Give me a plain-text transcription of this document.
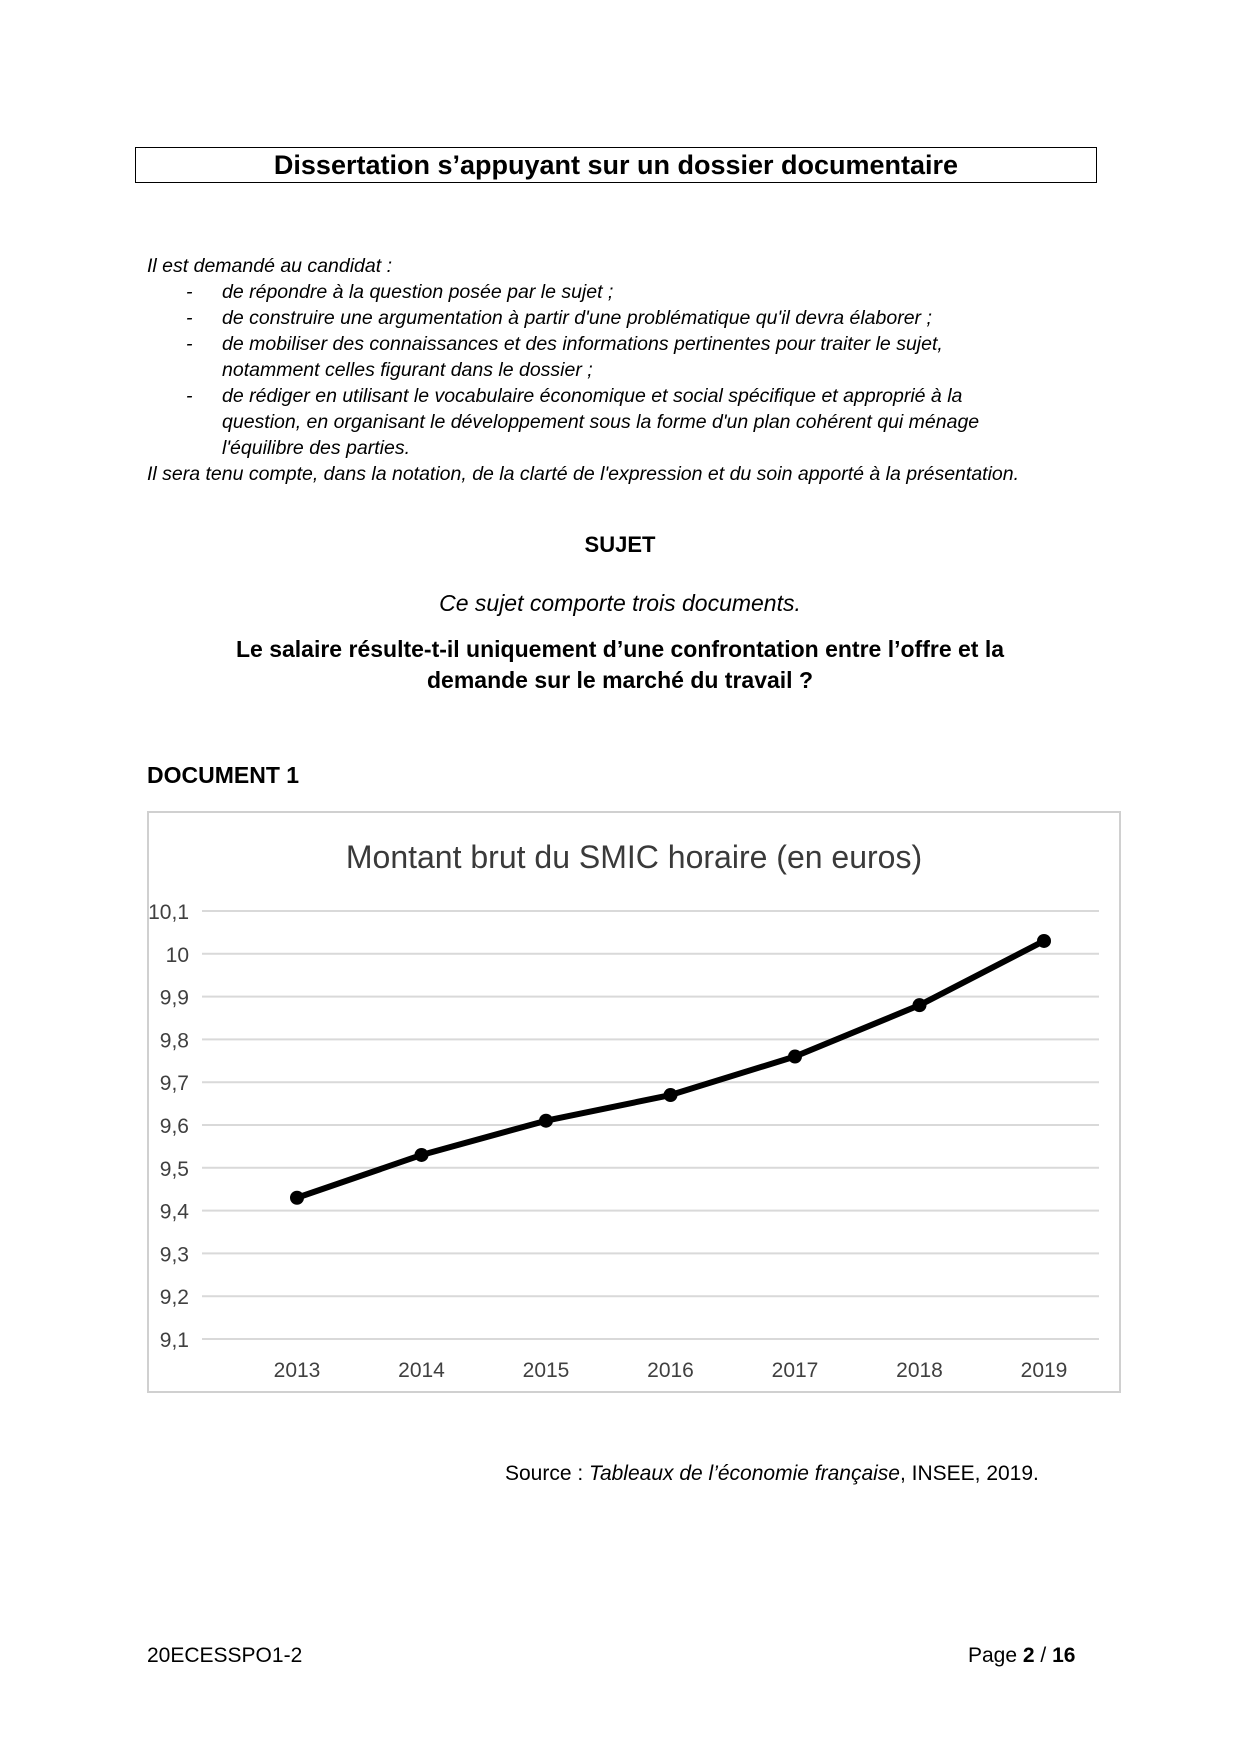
Dissertation s’appuyant sur un dossier documentaire
Il est demandé au candidat :
- de répondre à la question posée par le sujet ;
- de construire une argumentation à partir d'une problématique qu'il devra élaborer ;
- de mobiliser des connaissances et des informations pertinentes pour traiter le sujet,
notamment celles figurant dans le dossier ;
- de rédiger en utilisant le vocabulaire économique et social spécifique et approprié à la
question, en organisant le développement sous la forme d'un plan cohérent qui ménage
l'équilibre des parties.
Il sera tenu compte, dans la notation, de la clarté de l'expression et du soin apporté à la présentation.
SUJET
Ce sujet comporte trois documents.
Le salaire résulte-t-il uniquement d’une confrontation entre l’offre et la
demande sur le marché du travail ?
DOCUMENT 1
Montant brut du SMIC horaire (en euros)
9,1
9,2
9,3
9,4
9,5
9,6
9,7
9,8
9,9
10
10,1
2013	2014	2015	2016	2017	2018	2019
Source : Tableaux de l’économie française, INSEE, 2019.
20ECESSPO1-2	Page 2 / 16
